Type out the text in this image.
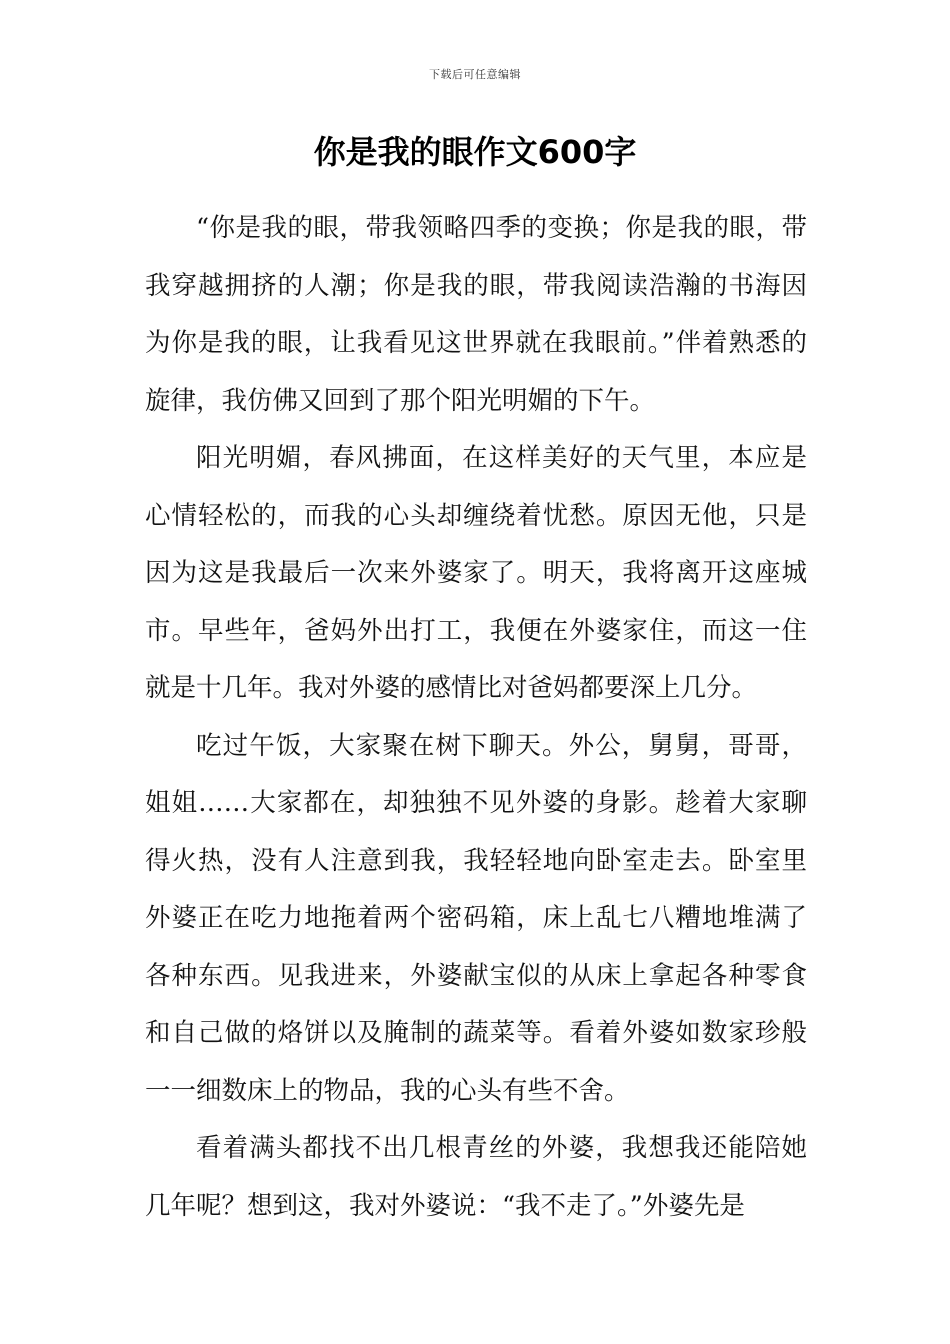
下载后可任意编辑
你是我的眼作文600字

“你是我的眼，带我领略四季的变换；你是我的眼，带我穿越拥挤的人潮；你是我的眼，带我阅读浩瀚的书海因为你是我的眼，让我看见这世界就在我眼前。”伴着熟悉的旋律，我仿佛又回到了那个阳光明媚的下午。

阳光明媚，春风拂面，在这样美好的天气里，本应是心情轻松的，而我的心头却缠绕着忧愁。原因无他，只是因为这是我最后一次来外婆家了。明天，我将离开这座城市。早些年，爸妈外出打工，我便在外婆家住，而这一住就是十几年。我对外婆的感情比对爸妈都要深上几分。

吃过午饭，大家聚在树下聊天。外公，舅舅，哥哥，姐姐……大家都在，却独独不见外婆的身影。趁着大家聊得火热，没有人注意到我，我轻轻地向卧室走去。卧室里外婆正在吃力地拖着两个密码箱，床上乱七八糟地堆满了各种东西。见我进来，外婆献宝似的从床上拿起各种零食和自己做的烙饼以及腌制的蔬菜等。看着外婆如数家珍般一一细数床上的物品，我的心头有些不舍。

看着满头都找不出几根青丝的外婆，我想我还能陪她几年呢？想到这，我对外婆说：“我不走了。”外婆先是
